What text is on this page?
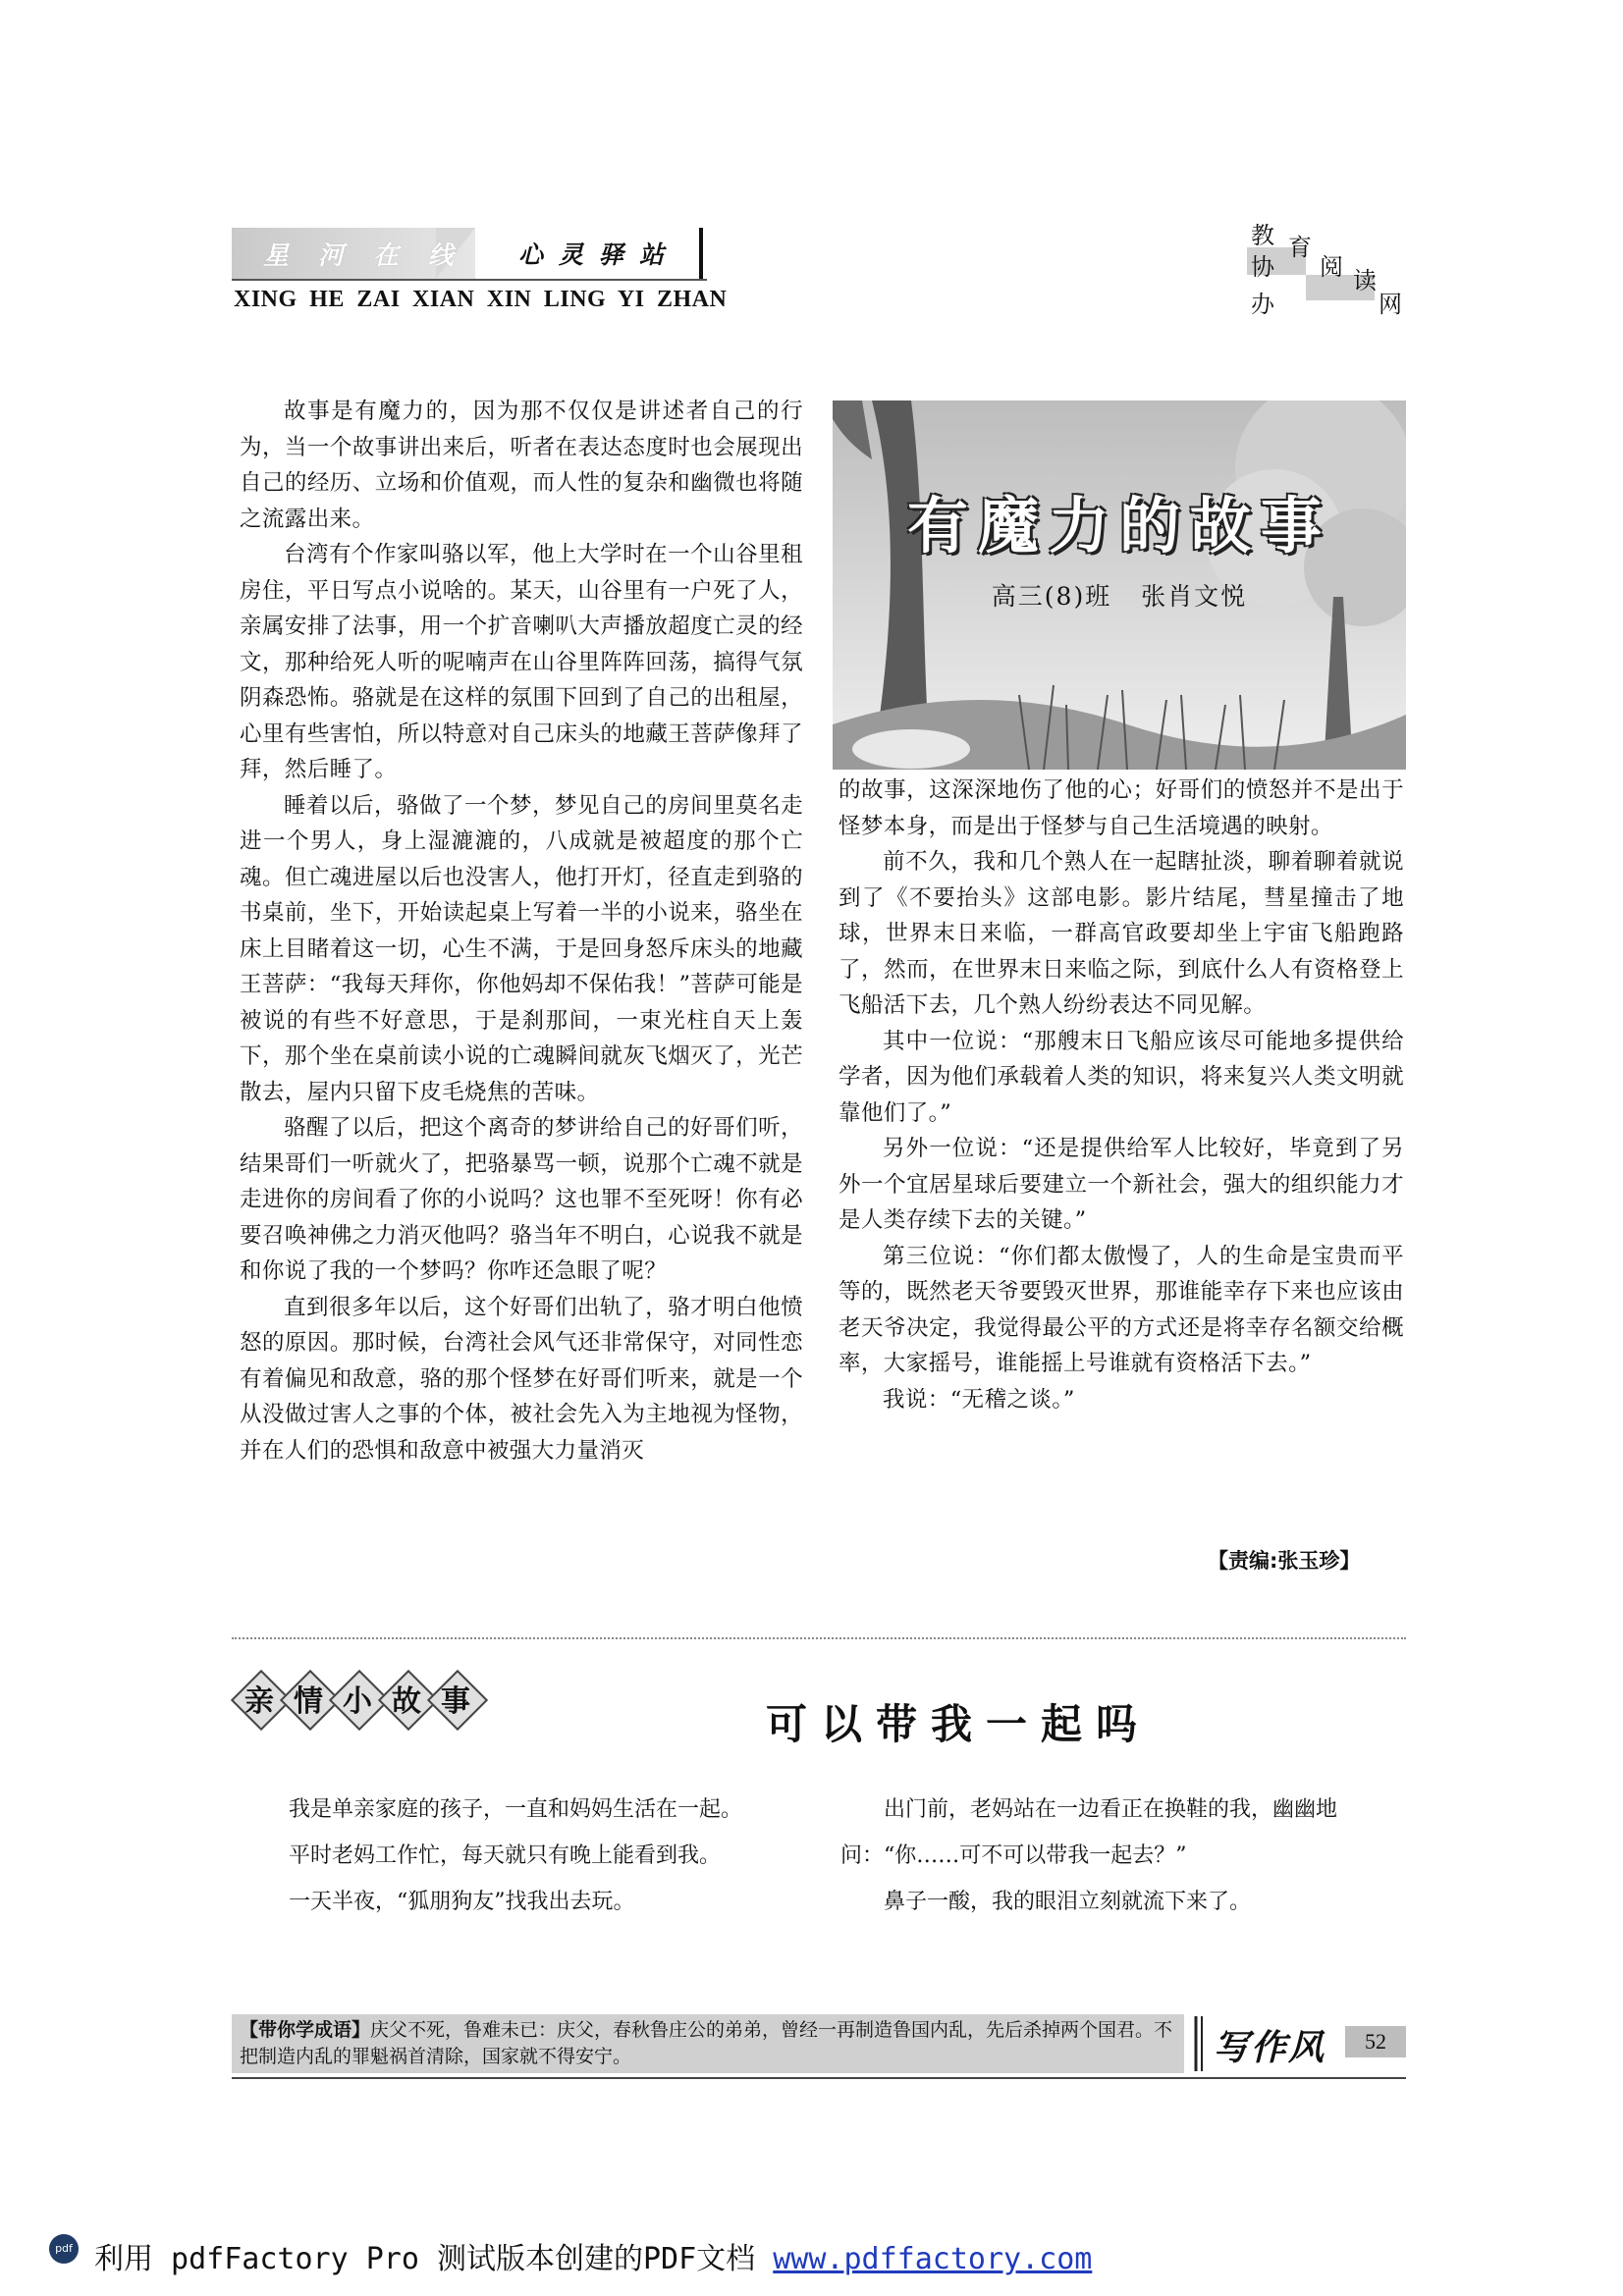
星河在线 心灵驿站
XING HE ZAI XIAN XIN LING YI ZHAN
教 育
协 阅 读
办	网

故事是有魔力的，因为那不仅仅是讲述者自己的行为，当一个故事讲出来后，听者在表达态度时也会展现出自己的经历、立场和价值观，而人性的复杂和幽微也将随之流露出来。

台湾有个作家叫骆以军，他上大学时在一个山谷里租房住，平日写点小说啥的。某天，山谷里有一户死了人，亲属安排了法事，用一个扩音喇叭大声播放超度亡灵的经文，那种给死人听的呢喃声在山谷里阵阵回荡，搞得气氛阴森恐怖。骆就是在这样的氛围下回到了自己的出租屋，心里有些害怕，所以特意对自己床头的地藏王菩萨像拜了拜，然后睡了。

睡着以后，骆做了一个梦，梦见自己的房间里莫名走进一个男人，身上湿漉漉的，八成就是被超度的那个亡魂。但亡魂进屋以后也没害人，他打开灯，径直走到骆的书桌前，坐下，开始读起桌上写着一半的小说来，骆坐在床上目睹着这一切，心生不满，于是回身怒斥床头的地藏王菩萨：“我每天拜你，你他妈却不保佑我！”菩萨可能是被说的有些不好意思，于是刹那间，一束光柱自天上轰下，那个坐在桌前读小说的亡魂瞬间就灰飞烟灭了，光芒散去，屋内只留下皮毛烧焦的苦味。

骆醒了以后，把这个离奇的梦讲给自己的好哥们听，结果哥们一听就火了，把骆暴骂一顿，说那个亡魂不就是走进你的房间看了你的小说吗？这也罪不至死呀！你有必要召唤神佛之力消灭他吗？骆当年不明白，心说我不就是和你说了我的一个梦吗？你咋还急眼了呢？

直到很多年以后，这个好哥们出轨了，骆才明白他愤怒的原因。那时候，台湾社会风气还非常保守，对同性恋有着偏见和敌意，骆的那个怪梦在好哥们听来，就是一个从没做过害人之事的个体，被社会先入为主地视为怪物，并在人们的恐惧和敌意中被强大力量消灭

有魔力的故事
高三(8)班 张肖文悦

的故事，这深深地伤了他的心；好哥们的愤怒并不是出于怪梦本身，而是出于怪梦与自己生活境遇的映射。

前不久，我和几个熟人在一起瞎扯淡，聊着聊着就说到了《不要抬头》这部电影。影片结尾，彗星撞击了地球，世界末日来临，一群高官政要却坐上宇宙飞船跑路了，然而，在世界末日来临之际，到底什么人有资格登上飞船活下去，几个熟人纷纷表达不同见解。

其中一位说：“那艘末日飞船应该尽可能地多提供给学者，因为他们承载着人类的知识，将来复兴人类文明就靠他们了。”

另外一位说：“还是提供给军人比较好，毕竟到了另外一个宜居星球后要建立一个新社会，强大的组织能力才是人类存续下去的关键。”

第三位说：“你们都太傲慢了，人的生命是宝贵而平等的，既然老天爷要毁灭世界，那谁能幸存下来也应该由老天爷决定，我觉得最公平的方式还是将幸存名额交给概率，大家摇号，谁能摇上号谁就有资格活下去。”

我说：“无稽之谈。”

【责编:张玉珍】
亲 情 小 故 事	可以带我一起吗

我是单亲家庭的孩子，一直和妈妈生活在一起。

平时老妈工作忙，每天就只有晚上能看到我。

一天半夜，“狐朋狗友”找我出去玩。

出门前，老妈站在一边看正在换鞋的我，幽幽地问：“你……可不可以带我一起去？”

鼻子一酸，我的眼泪立刻就流下来了。

【带你学成语】庆父不死，鲁难未已：庆父，春秋鲁庄公的弟弟，曾经一再制造鲁国内乱，先后杀掉两个国君。不把制造内乱的罪魁祸首清除，国家就不得安宁。	写作风	52
pdf 利用 pdfFactory Pro 测试版本创建的PDF文档 www.pdffactory.com
